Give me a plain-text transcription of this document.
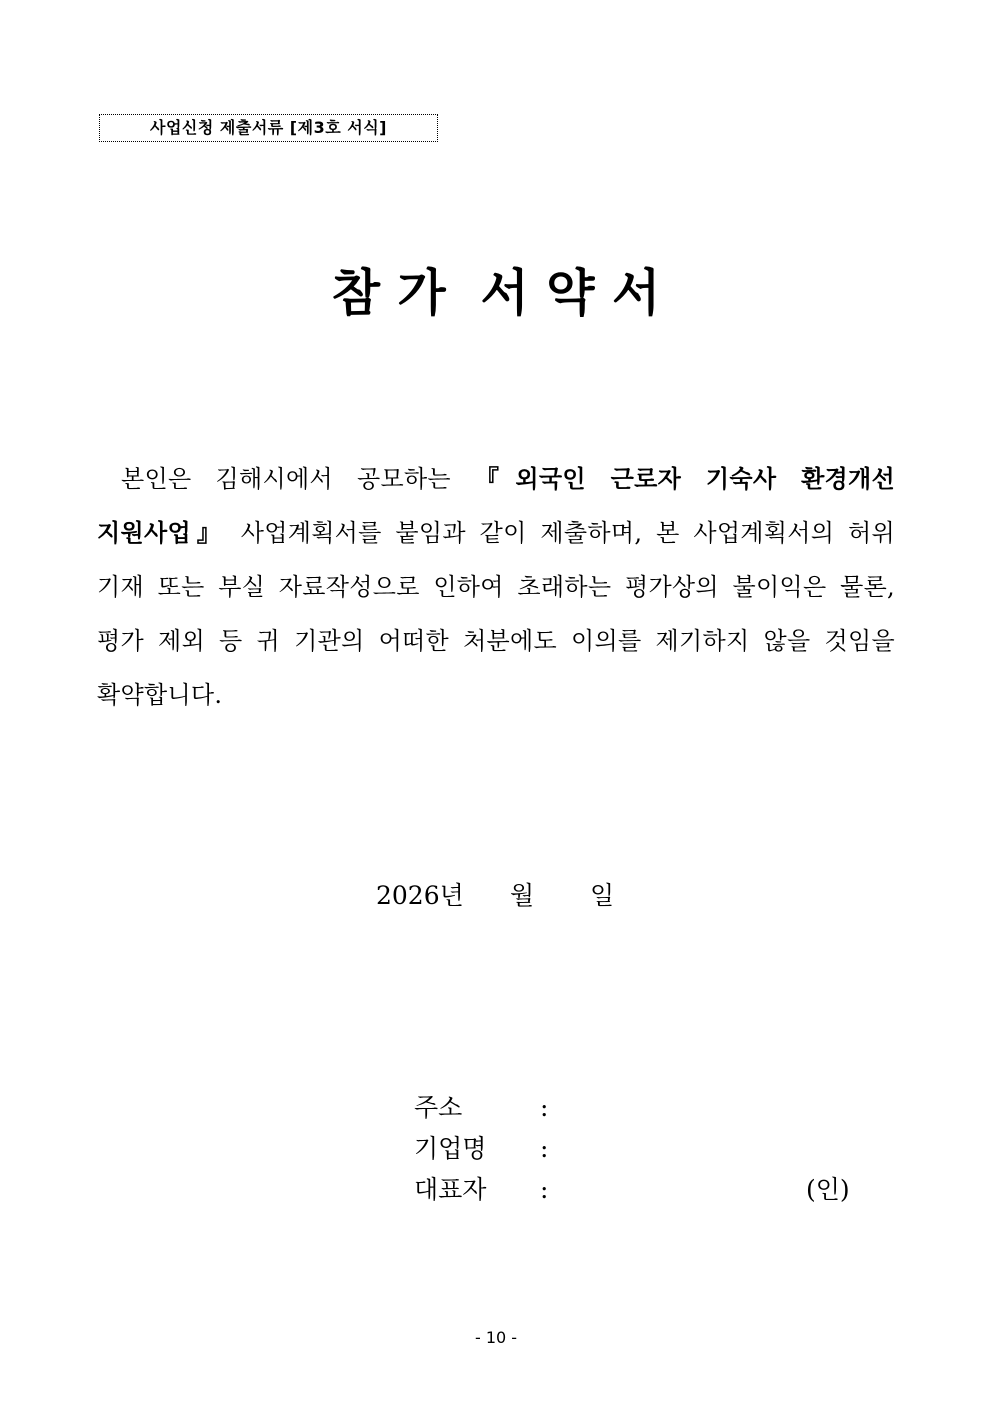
사업신청 제출서류 [제3호 서식]
참 가  서 약 서

본인은 김해시에서 공모하는 『외국인 근로자 기숙사 환경개선 지원사업』 사업계획서를 붙임과 같이 제출하며, 본 사업계획서의 허위 기재 또는 부실 자료작성으로 인하여 초래하는 평가상의 불이익은 물론, 평가 제외 등 귀 기관의 어떠한 처분에도 이의를 제기하지 않을 것임을 확약합니다.

2026년 월 일
주소	:
기업명 :
대표자 :	(인)
- 10 -
